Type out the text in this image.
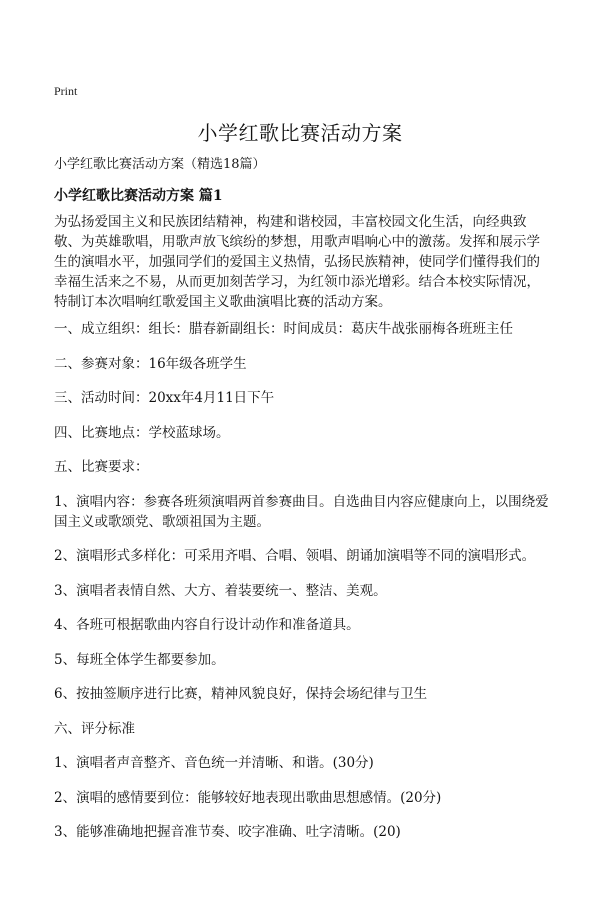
Print
小学红歌比赛活动方案
小学红歌比赛活动方案（精选18篇）
小学红歌比赛活动方案 篇1

为弘扬爱国主义和民族团结精神，构建和谐校园，丰富校园文化生活，向经典致敬、为英雄歌唱，用歌声放飞缤纷的梦想，用歌声唱响心中的激荡。发挥和展示学生的演唱水平，加强同学们的爱国主义热情，弘扬民族精神，使同学们懂得我们的幸福生活来之不易，从而更加刻苦学习，为红领巾添光增彩。结合本校实际情况，特制订本次唱响红歌爱国主义歌曲演唱比赛的活动方案。

一、成立组织：组长：腊春新副组长：时间成员：葛庆牛战张丽梅各班班主任
二、参赛对象：16年级各班学生
三、活动时间：20xx年4月11日下午
四、比赛地点：学校蓝球场。
五、比赛要求：
1、演唱内容：参赛各班须演唱两首参赛曲目。自选曲目内容应健康向上，以围绕爱国主义或歌颂党、歌颂祖国为主题。
2、演唱形式多样化：可采用齐唱、合唱、领唱、朗诵加演唱等不同的演唱形式。
3、演唱者表情自然、大方、着装要统一、整洁、美观。
4、各班可根据歌曲内容自行设计动作和准备道具。
5、每班全体学生都要参加。
6、按抽签顺序进行比赛，精神风貌良好，保持会场纪律与卫生
六、评分标准
1、演唱者声音整齐、音色统一并清晰、和谐。(30分)
2、演唱的感情要到位：能够较好地表现出歌曲思想感情。(20分)
3、能够准确地把握音准节奏、咬字准确、吐字清晰。(20)
